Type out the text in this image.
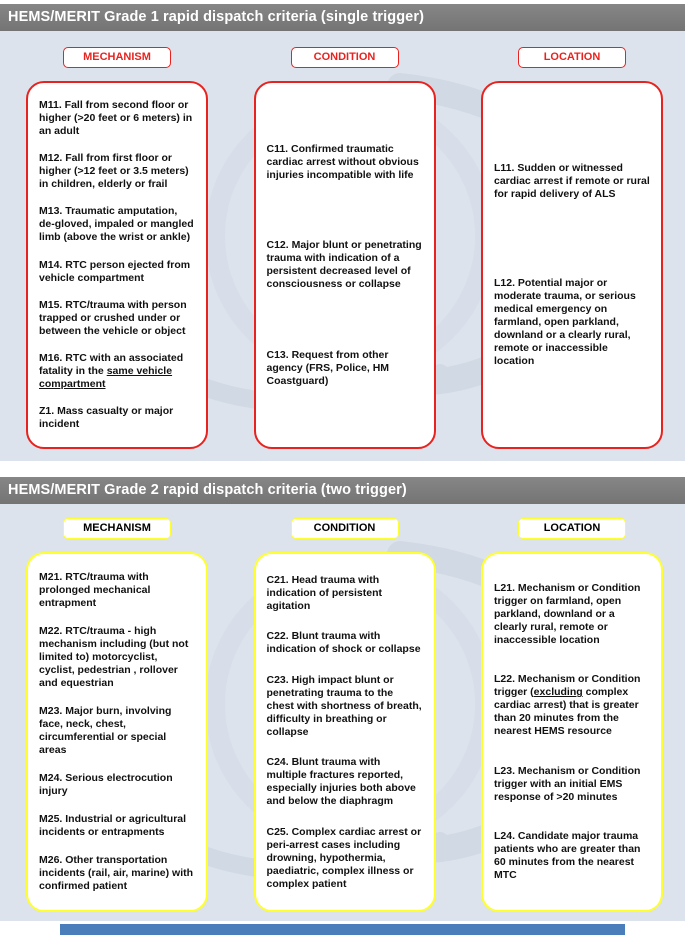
HEMS/MERIT Grade 1 rapid dispatch criteria (single trigger)
MECHANISM

M11. Fall from second floor or higher (>20 feet or 6 meters) in an adult

M12. Fall from first floor or higher (>12 feet or 3.5 meters) in children, elderly or frail

M13. Traumatic amputation, de-gloved, impaled or mangled limb (above the wrist or ankle)

M14. RTC person ejected from vehicle compartment

M15. RTC/trauma with person trapped or crushed under or between the vehicle or object

M16. RTC with an associated fatality in the same vehicle compartment

Z1. Mass casualty or major incident

CONDITION

C11. Confirmed traumatic cardiac arrest without obvious injuries incompatible with life

C12. Major blunt or penetrating trauma with indication of a persistent decreased level of consciousness or collapse

C13. Request from other agency (FRS, Police, HM Coastguard)

LOCATION

L11. Sudden or witnessed cardiac arrest if remote or rural for rapid delivery of ALS

L12. Potential major or moderate trauma, or serious medical emergency on farmland, open parkland, downland or a clearly rural, remote or inaccessible location

HEMS/MERIT Grade 2 rapid dispatch criteria (two trigger)
MECHANISM

M21. RTC/trauma with prolonged mechanical entrapment

M22. RTC/trauma - high mechanism including (but not limited to) motorcyclist, cyclist, pedestrian , rollover and equestrian

M23. Major burn, involving face, neck, chest, circumferential or special areas

M24. Serious electrocution injury

M25. Industrial or agricultural incidents or entrapments

M26. Other transportation incidents (rail, air, marine) with confirmed patient

CONDITION

C21. Head trauma with indication of persistent agitation

C22. Blunt trauma with indication of shock or collapse

C23. High impact blunt or penetrating trauma to the chest with shortness of breath, difficulty in breathing or collapse

C24. Blunt trauma with multiple fractures reported, especially injuries both above and below the diaphragm

C25. Complex cardiac arrest or peri-arrest cases including drowning, hypothermia, paediatric, complex illness or complex patient

LOCATION

L21. Mechanism or Condition trigger on farmland, open parkland, downland or a clearly rural, remote or inaccessible location

L22. Mechanism or Condition trigger (excluding complex cardiac arrest) that is greater than 20 minutes from the nearest HEMS resource

L23. Mechanism or Condition trigger with an initial EMS response of >20 minutes

L24. Candidate major trauma patients who are greater than 60 minutes from the nearest MTC
